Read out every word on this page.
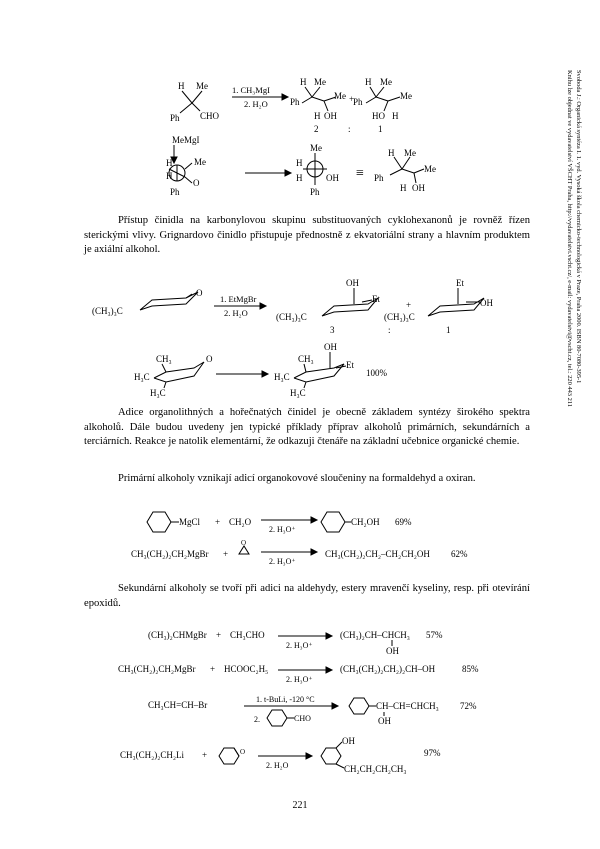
Svoboda J.: Organická syntéza I. 1. vyd. Vysoká škola chemicko-technologická v Praze, Praha 2000. ISBN 80-7080-395-1
Knihu lze objednat ve vydavatelství VŠCHT Praha, http://vydavatelstvi.vscht.cz/, e-mail: vydavatelstvi@vscht.cz, tel.: 220 443 211
H Me
Ph CHO
1. CH₃MgI
2. H₂O
H Me
Ph
Me
H OH
+
H Me
Ph
Me
HO H
2	:	1
MeMgI
H
H
Me
O
Ph
Me
H
H	OH
Ph
≡
H Me
Ph
Me
H OH
Přístup činidla na karbonylovou skupinu substituovaných cyklohexanonů je rovněž řízen sterickými vlivy. Grignardovo činidlo přistupuje přednostně z ekvatoriální strany a hlavním produktem je axiální alkohol.
(CH₃)₃C
O
1. EtMgBr
2. H₂O	(CH₃)₃C
OH
Et
+
(CH₃)₃C
Et
OH
3	:	1
CH₃	O
H₃C
H₃C
CH₃
OH
Et
H₃C
H₃C
100%
Adice organolithných a hořečnatých činidel je obecně základem syntézy širokého spektra alkoholů. Dále budou uvedeny jen typické příklady příprav alkoholů primárních, sekundárních a terciárních. Reakce je natolik elementární, že odkazuji čtenáře na základní učebnice organické chemie.
Primární alkoholy vznikají adicí organokovové sloučeniny na formaldehyd a oxiran.
MgCl + CH₂O
2. H₃O⁺
CH₂OH 69%
CH₃(CH₂)₂CH₂MgBr +
O
2. H₃O⁺
CH₃(CH₂)₂CH₂–CH₂CH₂OH 62%
Sekundární alkoholy se tvoří při adici na aldehydy, estery mravenčí kyseliny, resp. při otevírání epoxidů.
(CH₃)₂CHMgBr + CH₃CHO
2. H₃O⁺
(CH₃)₂CH–CHCH₃
OH
57%
CH₃(CH₂)₂CH₂MgBr + HCOOC₂H₅
2. H₃O⁺
(CH₃(CH₂)₂CH₂)₂CH–OH	85%
CH₃CH=CH–Br
1. t-BuLi, -120 °C
2.	CHO
CH–CH=CHCH₃
OH
72%
CH₃(CH₂)₂CH₂Li +	O
2. H₂O
OH
CH₂CH₂CH₂CH₃
97%
221
